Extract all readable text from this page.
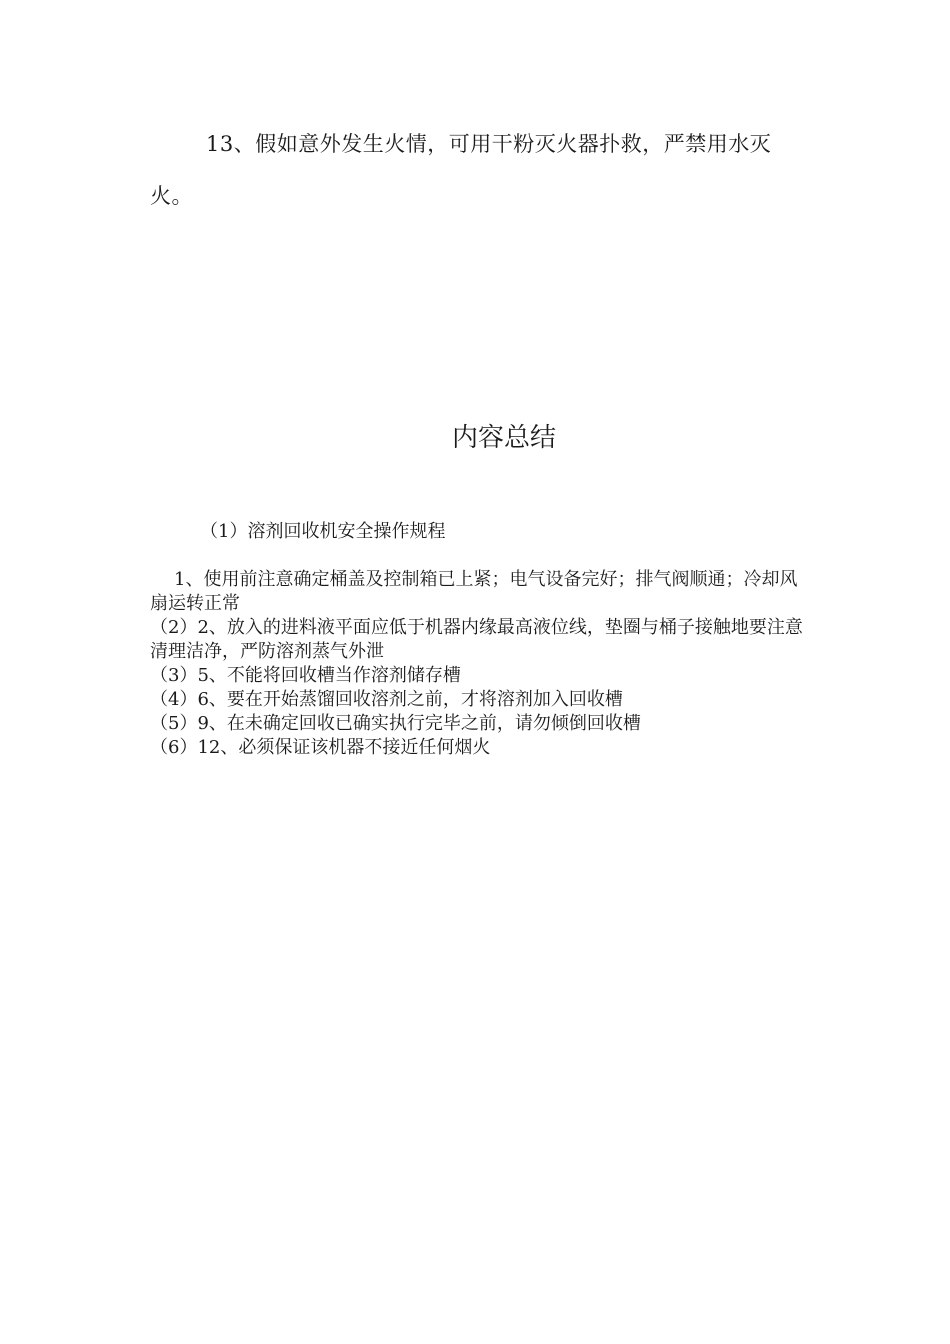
13、假如意外发生火情，可用干粉灭火器扑救，严禁用水灭火。

内容总结
（1）溶剂回收机安全操作规程

1、使用前注意确定桶盖及控制箱已上紧；电气设备完好；排气阀顺通；冷却风扇运转正常

（2）2、放入的进料液平面应低于机器内缘最高液位线，垫圈与桶子接触地要注意清理洁净，严防溶剂蒸气外泄

（3）5、不能将回收槽当作溶剂储存槽

（4）6、要在开始蒸馏回收溶剂之前，才将溶剂加入回收槽

（5）9、在未确定回收已确实执行完毕之前，请勿倾倒回收槽

（6）12、必须保证该机器不接近任何烟火
